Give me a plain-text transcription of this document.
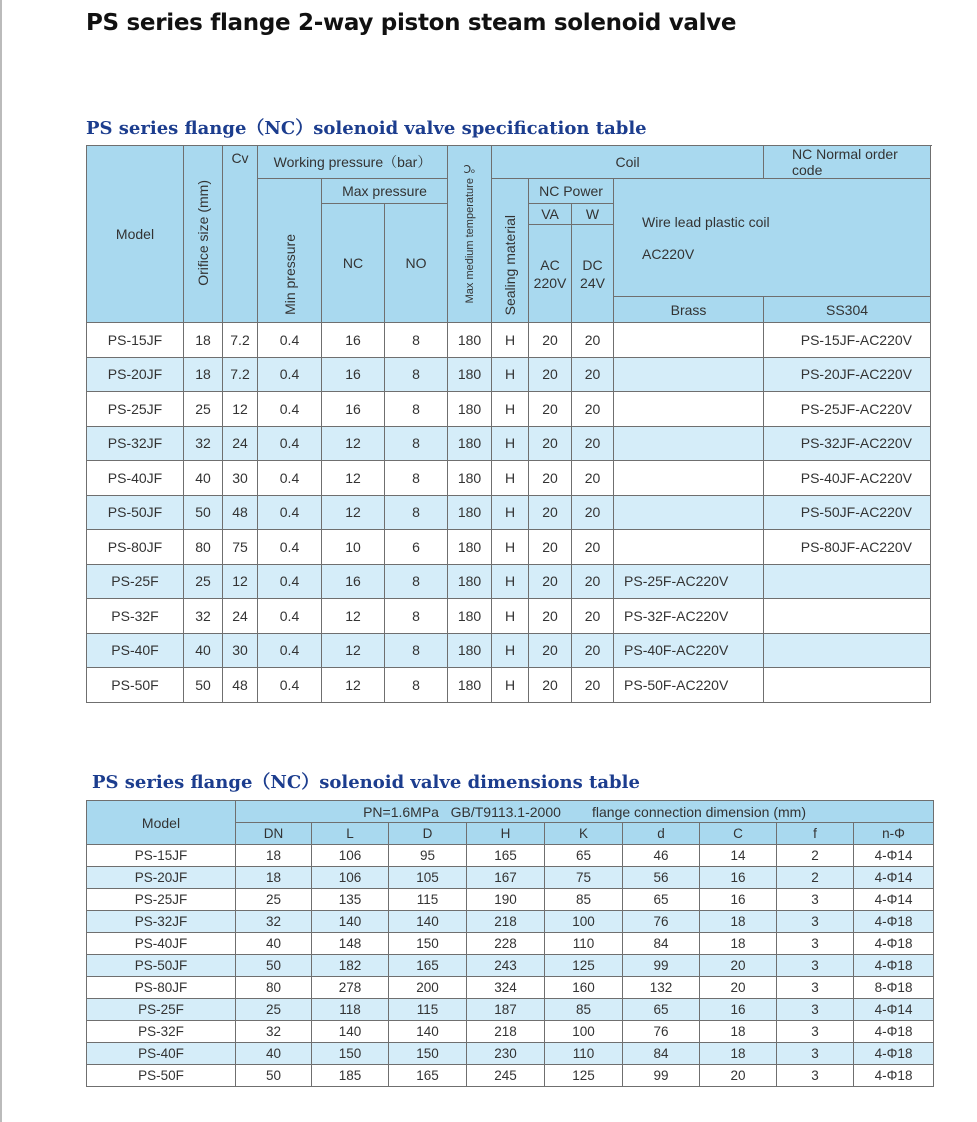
PS series flange 2-way piston steam solenoid valve
PS series flange（NC）solenoid valve specification table
Model	Orifice size (mm)	Cv	Working pressure（bar）			Max medium temperature ℃	Coil				NC Normal order code
			Min pressure	Max pressure			Sealing material	NC Power		Wire lead plastic coil
AC220V	

				NC	NO			VA	W		
								AC 220V	DC 24V		
										Brass	SS304
PS-15JF	18	7.2	0.4	16	8	180	H	20	20		PS-15JF-AC220V
PS-20JF	18	7.2	0.4	16	8	180	H	20	20		PS-20JF-AC220V
PS-25JF	25	12	0.4	16	8	180	H	20	20		PS-25JF-AC220V
PS-32JF	32	24	0.4	12	8	180	H	20	20		PS-32JF-AC220V
PS-40JF	40	30	0.4	12	8	180	H	20	20		PS-40JF-AC220V
PS-50JF	50	48	0.4	12	8	180	H	20	20		PS-50JF-AC220V
PS-80JF	80	75	0.4	10	6	180	H	20	20		PS-80JF-AC220V
PS-25F	25	12	0.4	16	8	180	H	20	20	PS-25F-AC220V	
PS-32F	32	24	0.4	12	8	180	H	20	20	PS-32F-AC220V	
PS-40F	40	30	0.4	12	8	180	H	20	20	PS-40F-AC220V	
PS-50F	50	48	0.4	12	8	180	H	20	20	PS-50F-AC220V	
PS series flange（NC）solenoid valve dimensions table
Model	PN=1.6MPa   GB/T9113.1-2000        flange connection dimension (mm)								
	DN	L	D	H	K	d	C	f	n-Φ
PS-15JF	18	106	95	165	65	46	14	2	4-Φ14
PS-20JF	18	106	105	167	75	56	16	2	4-Φ14
PS-25JF	25	135	115	190	85	65	16	3	4-Φ14
PS-32JF	32	140	140	218	100	76	18	3	4-Φ18
PS-40JF	40	148	150	228	110	84	18	3	4-Φ18
PS-50JF	50	182	165	243	125	99	20	3	4-Φ18
PS-80JF	80	278	200	324	160	132	20	3	8-Φ18
PS-25F	25	118	115	187	85	65	16	3	4-Φ14
PS-32F	32	140	140	218	100	76	18	3	4-Φ18
PS-40F	40	150	150	230	110	84	18	3	4-Φ18
PS-50F	50	185	165	245	125	99	20	3	4-Φ18
